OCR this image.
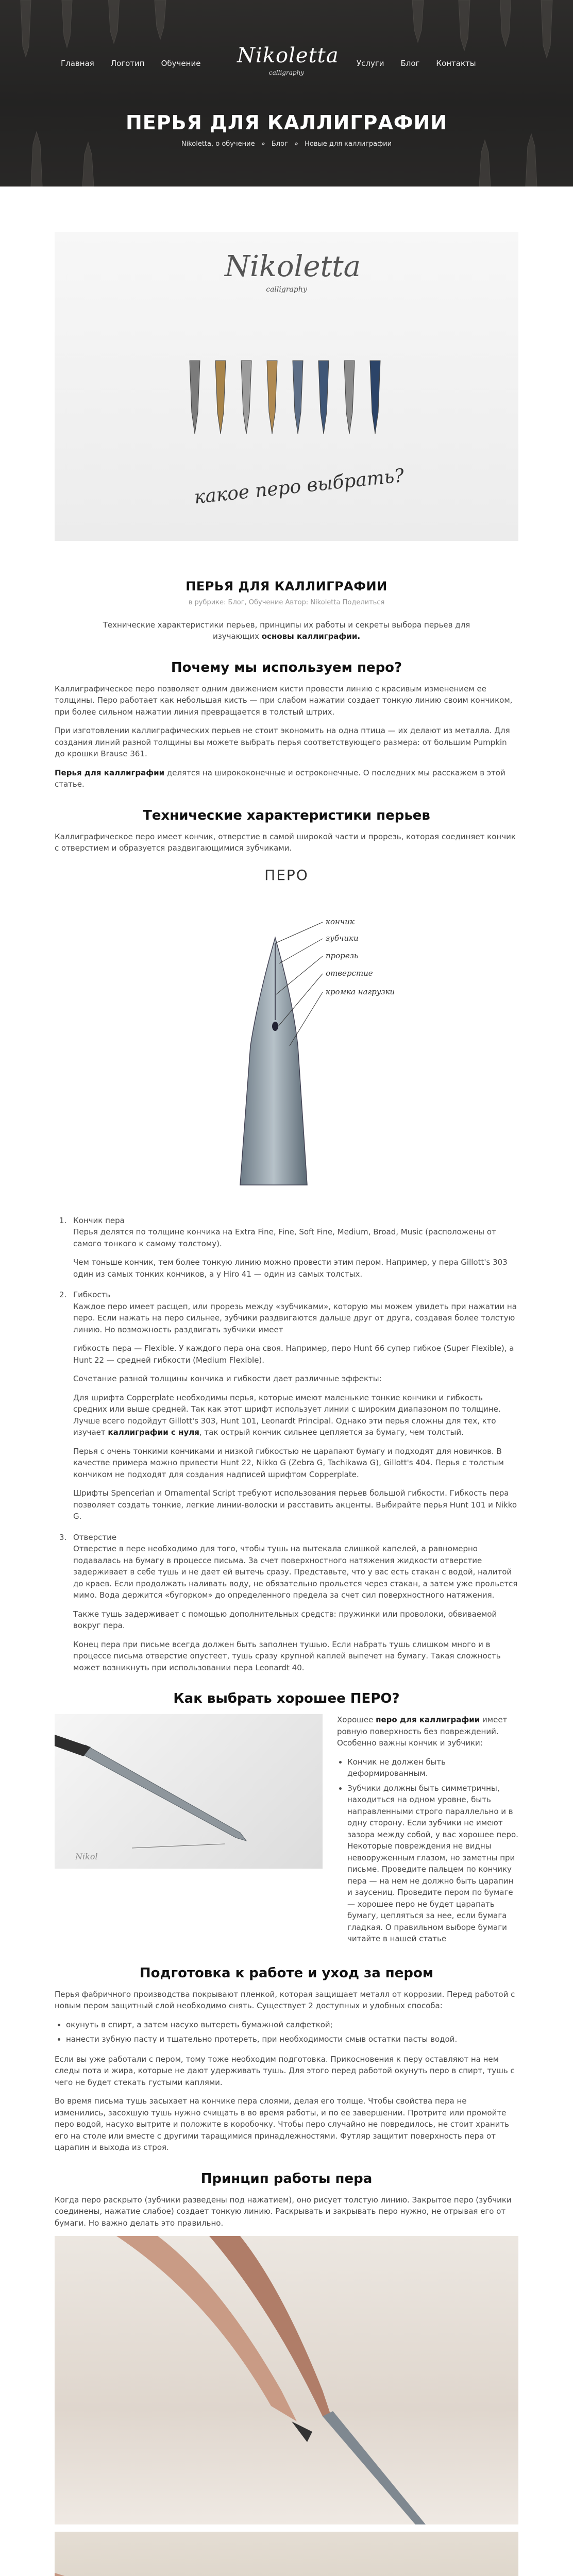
Главная Логотип Обучение	Услуги Блог Контакты
Nikoletta
calligraphy
ПЕРЬЯ ДЛЯ КАЛЛИГРАФИИ
Nikoletta, о обучение » Блог » Новые для каллиграфии
Nikoletta
calligraphy
какое перо выбрать?
ПЕРЬЯ ДЛЯ КАЛЛИГРАФИИ
в рубрике: Блог, Обучение Автор: Nikoletta Поделиться

Технические характеристики перьев, принципы их работы и секреты выбора перьев для изучающих основы каллиграфии.

Почему мы используем перо?

Каллиграфическое перо позволяет одним движением кисти провести линию с красивым изменением ее толщины. Перо работает как небольшая кисть — при слабом нажатии создает тонкую линию своим кончиком, при более сильном нажатии линия превращается в толстый штрих.

При изготовлении каллиграфических перьев не стоит экономить на одна птица — их делают из металла. Для создания линий разной толщины вы можете выбрать перья соответствующего размера: от большим Pumpkin до крошки Brause 361.

Перья для каллиграфии делятся на ширококонечные и остроконечные. О последних мы расскажем в этой статье.

Технические характеристики перьев

Каллиграфическое перо имеет кончик, отверстие в самой широкой части и прорезь, которая соединяет кончик с отверстием и образуется раздвигающимися зубчиками.

ПЕРО
кончик
зубчики
прорезь
отверстие
кромка нагрузки
1. Кончик пера

Перья делятся по толщине кончика на Extra Fine, Fine, Soft Fine, Medium, Broad, Music (расположены от самого тонкого к самому толстому).

Чем тоньше кончик, тем более тонкую линию можно провести этим пером. Например, у пера Gillott's 303 один из самых тонких кончиков, а у Hiro 41 — один из самых толстых.

2. Гибкость

Каждое перо имеет расщеп, или прорезь между «зубчиками», которую мы можем увидеть при нажатии на перо. Если нажать на перо сильнее, зубчики раздвигаются дальше друг от друга, создавая более толстую линию. Но возможность раздвигать зубчики имеет

гибкость пера — Flexible. У каждого пера она своя. Например, перо Hunt 66 супер гибкое (Super Flexible), а Hunt 22 — средней гибкости (Medium Flexible).

Сочетание разной толщины кончика и гибкости дает различные эффекты:

Для шрифта Copperplate необходимы перья, которые имеют маленькие тонкие кончики и гибкость средних или выше средней. Так как этот шрифт использует линии с широким диапазоном по толщине. Лучше всего подойдут Gillott's 303, Hunt 101, Leonardt Principal. Однако эти перья сложны для тех, кто изучает каллиграфии с нуля, так острый кончик сильнее цепляется за бумагу, чем толстый.

Перья с очень тонкими кончиками и низкой гибкостью не царапают бумагу и подходят для новичков. В качестве примера можно привести Hunt 22, Nikko G (Zebra G, Tachikawa G), Gillott's 404. Перья с толстым кончиком не подходят для создания надписей шрифтом Copperplate.

Шрифты Spencerian и Ornamental Script требуют использования перьев большой гибкости. Гибкость пера позволяет создать тонкие, легкие линии-волоски и расставить акценты. Выбирайте перья Hunt 101 и Nikko G.

3. Отверстие

Отверстие в пере необходимо для того, чтобы тушь на вытекала слишкой капелей, а равномерно подавалась на бумагу в процессе письма. За счет поверхностного натяжения жидкости отверстие задерживает в себе тушь и не дает ей вытечь сразу. Представьте, что у вас есть стакан с водой, налитой до краев. Если продолжать наливать воду, не обязательно прольется через стакан, а затем уже прольется мимо. Вода держится «бугорком» до определенного предела за счет сил поверхностного натяжения.

Также тушь задерживает с помощью дополнительных средств: пружинки или проволоки, обвиваемой вокруг пера.

Конец пера при письме всегда должен быть заполнен тушью. Если набрать тушь слишком много и в процессе письма отверстие опустеет, тушь сразу крупной каплей выпечет на бумагу. Такая сложность может возникнуть при использовании пера Leonardt 40.

Как выбрать хорошее ПЕРО?
Nikol

Хорошее перо для каллиграфии имеет ровную поверхность без повреждений. Особенно важны кончик и зубчики:

• Кончик не должен быть деформированным.
• Зубчики должны быть симметричны, находиться на одном уровне, быть направленными строго параллельно и в одну сторону. Если зубчики не имеют зазора между собой, у вас хорошее перо. Некоторые повреждения не видны невооруженным глазом, но заметны при письме. Проведите пальцем по кончику пера — на нем не должно быть царапин и заусениц. Проведите пером по бумаге — хорошее перо не будет царапать бумагу, цепляться за нее, если бумага гладкая. О правильном выборе бумаги читайте в нашей статье
Подготовка к работе и уход за пером

Перья фабричного производства покрывают пленкой, которая защищает металл от коррозии. Перед работой с новым пером защитный слой необходимо снять. Существует 2 доступных и удобных способа:

• окунуть в спирт, а затем насухо вытереть бумажной салфеткой;
• нанести зубную пасту и тщательно протереть, при необходимости смыв остатки пасты водой.

Если вы уже работали с пером, тому тоже необходим подготовка. Прикосновения к перу оставляют на нем следы пота и жира, которые не дают удерживать тушь. Для этого перед работой окунуть перо в спирт, тушь с чего не будет стекать густыми каплями.

Во время письма тушь засыхает на кончике пера слоями, делая его толще. Чтобы свойства пера не изменились, засохшую тушь нужно счищать в во время работы, и по ее завершении. Протрите или промойте перо водой, насухо вытрите и положите в коробочку. Чтобы перо случайно не повредилось, не стоит хранить его на столе или вместе с другими таращимися принадлежностями. Футляр защитит поверхность пера от царапин и выхода из строя.

Принцип работы пера

Когда перо раскрыто (зубчики разведены под нажатием), оно рисует толстую линию. Закрытое перо (зубчики соединены, нажатие слабое) создает тонкую линию. Раскрывать и закрывать перо нужно, не отрывая его от бумаги. Но важно делать это правильно.
